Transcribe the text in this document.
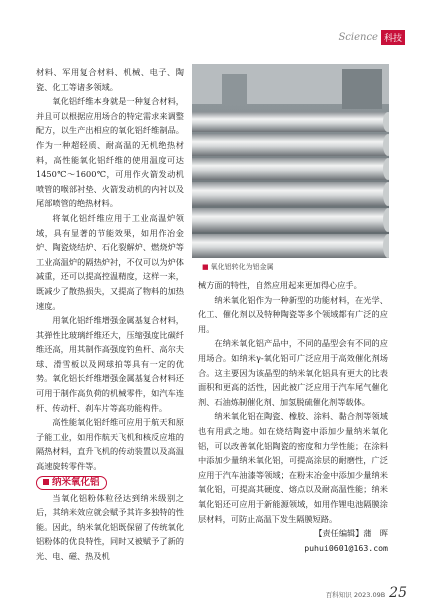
Science 科技

材料、军用复合材料、机械、电子、陶瓷、化工等诸多领域。

氧化铝纤维本身就是一种复合材料，并且可以根据应用场合的特定需求来调整配方，以生产出相应的氧化铝纤维制品。作为一种超轻质、耐高温的无机绝热材料，高性能氧化铝纤维的使用温度可达1450℃～1600℃，可用作火箭发动机喷管的喉部衬垫、火箭发动机的内衬以及尾部喷管的绝热材料。

将氧化铝纤维应用于工业高温炉领域，具有显著的节能效果，如用作冶金炉、陶瓷烧结炉、石化裂解炉、燃烧炉等工业高温炉的隔热炉衬，不仅可以为炉体减重，还可以提高控温精度，这样一来，既减少了散热损失，又提高了物料的加热速度。

用氧化铝纤维增强金属基复合材料，其弹性比玻璃纤维还大，压缩强度比碳纤维还高，用其制作高强度钓鱼杆、高尔夫球、滑雪板以及网球拍等具有一定的优势。氧化铝长纤维增强金属基复合材料还可用于制作高负荷的机械零件，如汽车连杆、传动杆、刹车片等高功能构件。

高性能氧化铝纤维可应用于航天和原子能工业，如用作航天飞机和核反应堆的隔热材料，直升飞机的传动装置以及高温高速旋转零件等。

纳米氧化铝

当氧化铝粉体粒径达到纳米级别之后，其纳米效应就会赋予其许多独特的性能。因此，纳米氧化铝既保留了传统氧化铝粉体的优良特性，同时又被赋予了新的光、电、磁、热及机

■ 氧化铝转化为铝金属

械方面的特性，自然应用起来更加得心应手。

纳米氧化铝作为一种新型的功能材料，在光学、化工、催化剂以及特种陶瓷等多个领域都有广泛的应用。

在纳米氧化铝产品中，不同的晶型会有不同的应用场合。如纳米γ-氧化铝可广泛应用于高效催化剂场合。这主要因为该晶型的纳米氧化铝具有更大的比表面积和更高的活性，因此被广泛应用于汽车尾气催化剂、石油炼制催化剂、加氢脱硫催化剂等载体。

纳米氧化铝在陶瓷、橡胶、涂料、黏合剂等领域也有用武之地。如在烧结陶瓷中添加少量纳米氧化铝，可以改善氧化铝陶瓷的密度和力学性能；在涂料中添加少量纳米氧化铝，可提高涂层的耐磨性，广泛应用于汽车油漆等领域；在粉末冶金中添加少量纳米氧化铝，可提高其硬度、熔点以及耐高温性能；纳米氧化铝还可应用于新能源领域，如用作锂电池隔膜涂层材料，可防止高温下发生隔膜短路。

【责任编辑】蒲　晖

puhui0601@163.com

百科知识 2023.09B 25
